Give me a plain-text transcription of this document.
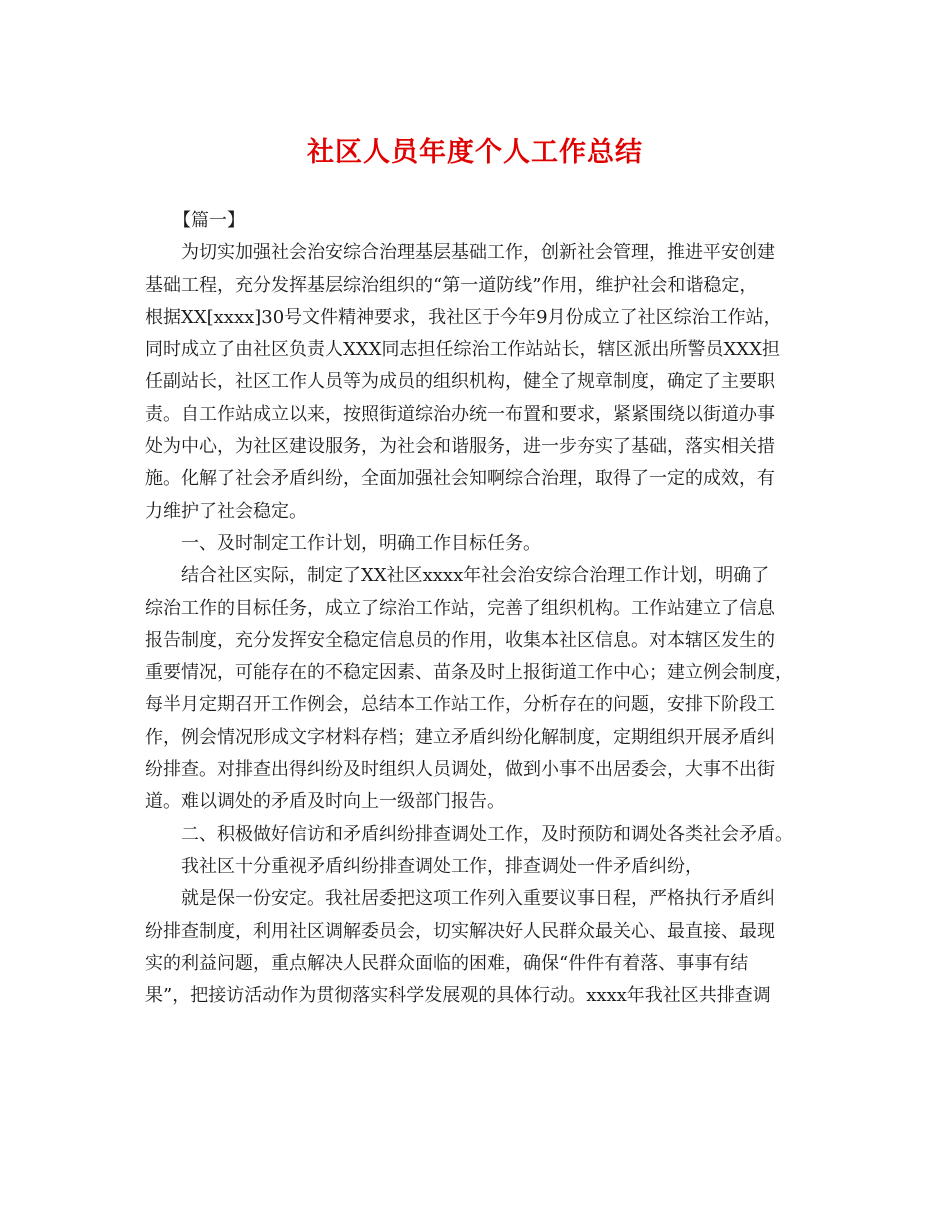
社区人员年度个人工作总结

【篇一】

为切实加强社会治安综合治理基层基础工作，创新社会管理，推进平安创建

基础工程，充分发挥基层综治组织的“第一道防线”作用，维护社会和谐稳定，

根据XX[xxxx]30号文件精神要求，我社区于今年9月份成立了社区综治工作站，

同时成立了由社区负责人XXX同志担任综治工作站站长，辖区派出所警员XXX担

任副站长，社区工作人员等为成员的组织机构，健全了规章制度，确定了主要职

责。自工作站成立以来，按照街道综治办统一布置和要求，紧紧围绕以街道办事

处为中心，为社区建设服务，为社会和谐服务，进一步夯实了基础，落实相关措

施。化解了社会矛盾纠纷，全面加强社会知啊综合治理，取得了一定的成效，有

力维护了社会稳定。

一、及时制定工作计划，明确工作目标任务。

结合社区实际，制定了XX社区xxxx年社会治安综合治理工作计划，明确了

综治工作的目标任务，成立了综治工作站，完善了组织机构。工作站建立了信息

报告制度，充分发挥安全稳定信息员的作用，收集本社区信息。对本辖区发生的

重要情况，可能存在的不稳定因素、苗条及时上报街道工作中心；建立例会制度，

每半月定期召开工作例会，总结本工作站工作，分析存在的问题，安排下阶段工

作，例会情况形成文字材料存档；建立矛盾纠纷化解制度，定期组织开展矛盾纠

纷排查。对排查出得纠纷及时组织人员调处，做到小事不出居委会，大事不出街

道。难以调处的矛盾及时向上一级部门报告。

二、积极做好信访和矛盾纠纷排查调处工作，及时预防和调处各类社会矛盾。

我社区十分重视矛盾纠纷排查调处工作，排查调处一件矛盾纠纷，

就是保一份安定。我社居委把这项工作列入重要议事日程，严格执行矛盾纠

纷排查制度，利用社区调解委员会，切实解决好人民群众最关心、最直接、最现

实的利益问题，重点解决人民群众面临的困难，确保“件件有着落、事事有结

果”，把接访活动作为贯彻落实科学发展观的具体行动。xxxx年我社区共排查调
